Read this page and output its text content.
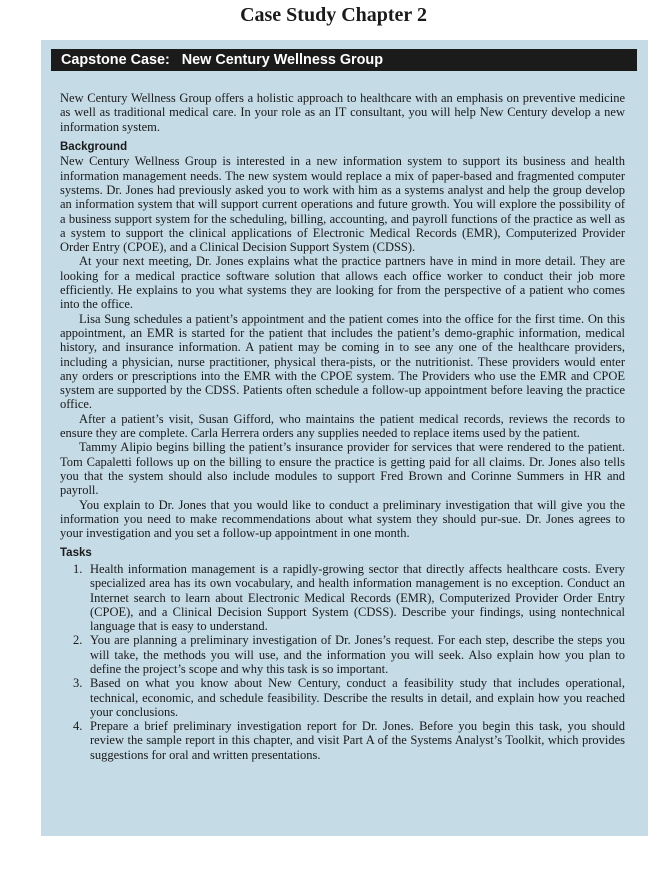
Case Study Chapter 2
Capstone Case:   New Century Wellness Group

New Century Wellness Group offers a holistic approach to healthcare with an emphasis on preventive medicine as well as traditional medical care. In your role as an IT consultant, you will help New Century develop a new information system.

Background

New Century Wellness Group is interested in a new information system to support its business and health information management needs. The new system would replace a mix of paper-based and fragmented computer systems. Dr. Jones had previously asked you to work with him as a systems analyst and help the group develop an information system that will support current operations and future growth. You will explore the possibility of a business support system for the scheduling, billing, accounting, and payroll functions of the practice as well as a system to support the clinical applications of Electronic Medical Records (EMR), Computerized Provider Order Entry (CPOE), and a Clinical Decision Support System (CDSS).

At your next meeting, Dr. Jones explains what the practice partners have in mind in more detail. They are looking for a medical practice software solution that allows each office worker to conduct their job more efficiently. He explains to you what systems they are looking for from the perspective of a patient who comes into the office.

Lisa Sung schedules a patient’s appointment and the patient comes into the office for the first time. On this appointment, an EMR is started for the patient that includes the patient’s demo-graphic information, medical history, and insurance information. A patient may be coming in to see any one of the healthcare providers, including a physician, nurse practitioner, physical thera-pists, or the nutritionist. These providers would enter any orders or prescriptions into the EMR with the CPOE system. The Providers who use the EMR and CPOE system are supported by the CDSS. Patients often schedule a follow-up appointment before leaving the practice office.

After a patient’s visit, Susan Gifford, who maintains the patient medical records, reviews the records to ensure they are complete. Carla Herrera orders any supplies needed to replace items used by the patient.

Tammy Alipio begins billing the patient’s insurance provider for services that were rendered to the patient. Tom Capaletti follows up on the billing to ensure the practice is getting paid for all claims. Dr. Jones also tells you that the system should also include modules to support Fred Brown and Corinne Summers in HR and payroll.

You explain to Dr. Jones that you would like to conduct a preliminary investigation that will give you the information you need to make recommendations about what system they should pur-sue. Dr. Jones agrees to your investigation and you set a follow-up appointment in one month.

Tasks
1. Health information management is a rapidly-growing sector that directly affects healthcare costs. Every specialized area has its own vocabulary, and health information management is no exception. Conduct an Internet search to learn about Electronic Medical Records (EMR), Computerized Provider Order Entry (CPOE), and a Clinical Decision Support System (CDSS). Describe your findings, using nontechnical language that is easy to understand.
2. You are planning a preliminary investigation of Dr. Jones’s request. For each step, describe the steps you will take, the methods you will use, and the information you will seek. Also explain how you plan to define the project’s scope and why this task is so important.
3. Based on what you know about New Century, conduct a feasibility study that includes operational, technical, economic, and schedule feasibility. Describe the results in detail, and explain how you reached your conclusions.
4. Prepare a brief preliminary investigation report for Dr. Jones. Before you begin this task, you should review the sample report in this chapter, and visit Part A of the Systems Analyst’s Toolkit, which provides suggestions for oral and written presentations.
